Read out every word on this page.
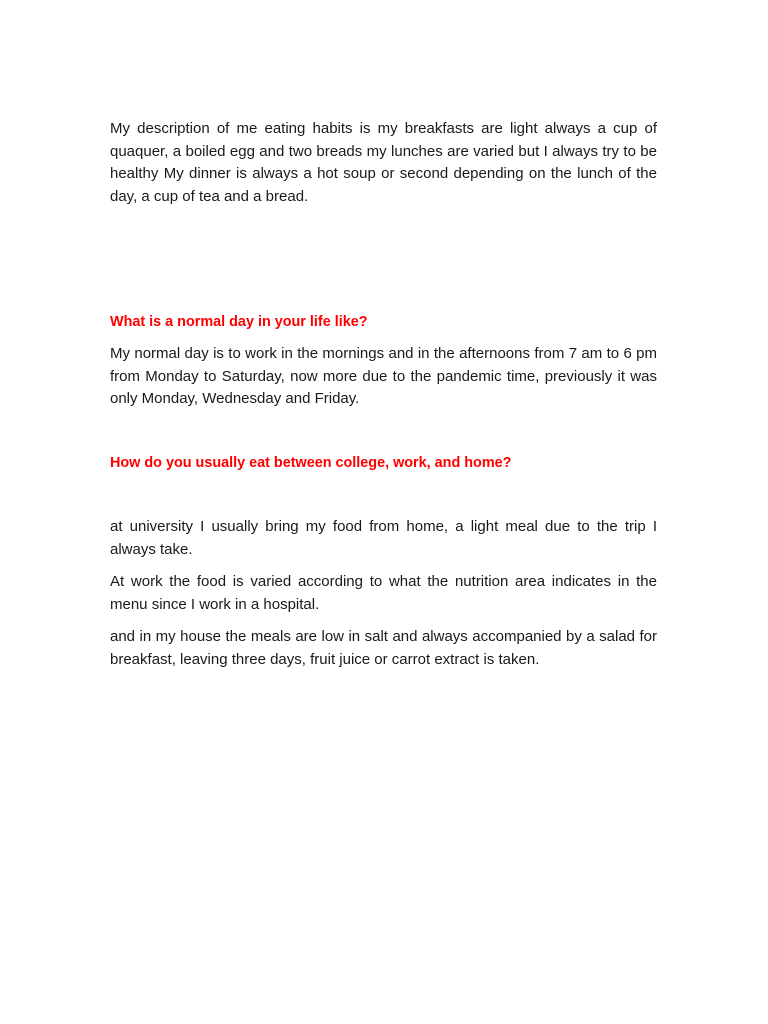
My description of me eating habits is my breakfasts are light always a cup of quaquer, a boiled egg and two breads my lunches are varied but I always try to be healthy My dinner is always a hot soup or second depending on the lunch of the day, a cup of tea and a bread.

What is a normal day in your life like?

My normal day is to work in the mornings and in the afternoons from 7 am to 6 pm from Monday to Saturday, now more due to the pandemic time, previously it was only Monday, Wednesday and Friday.

How do you usually eat between college, work, and home?

at university I usually bring my food from home, a light meal due to the trip I always take.

At work the food is varied according to what the nutrition area indicates in the menu since I work in a hospital.

and in my house the meals are low in salt and always accompanied by a salad for breakfast, leaving three days, fruit juice or carrot extract is taken.
